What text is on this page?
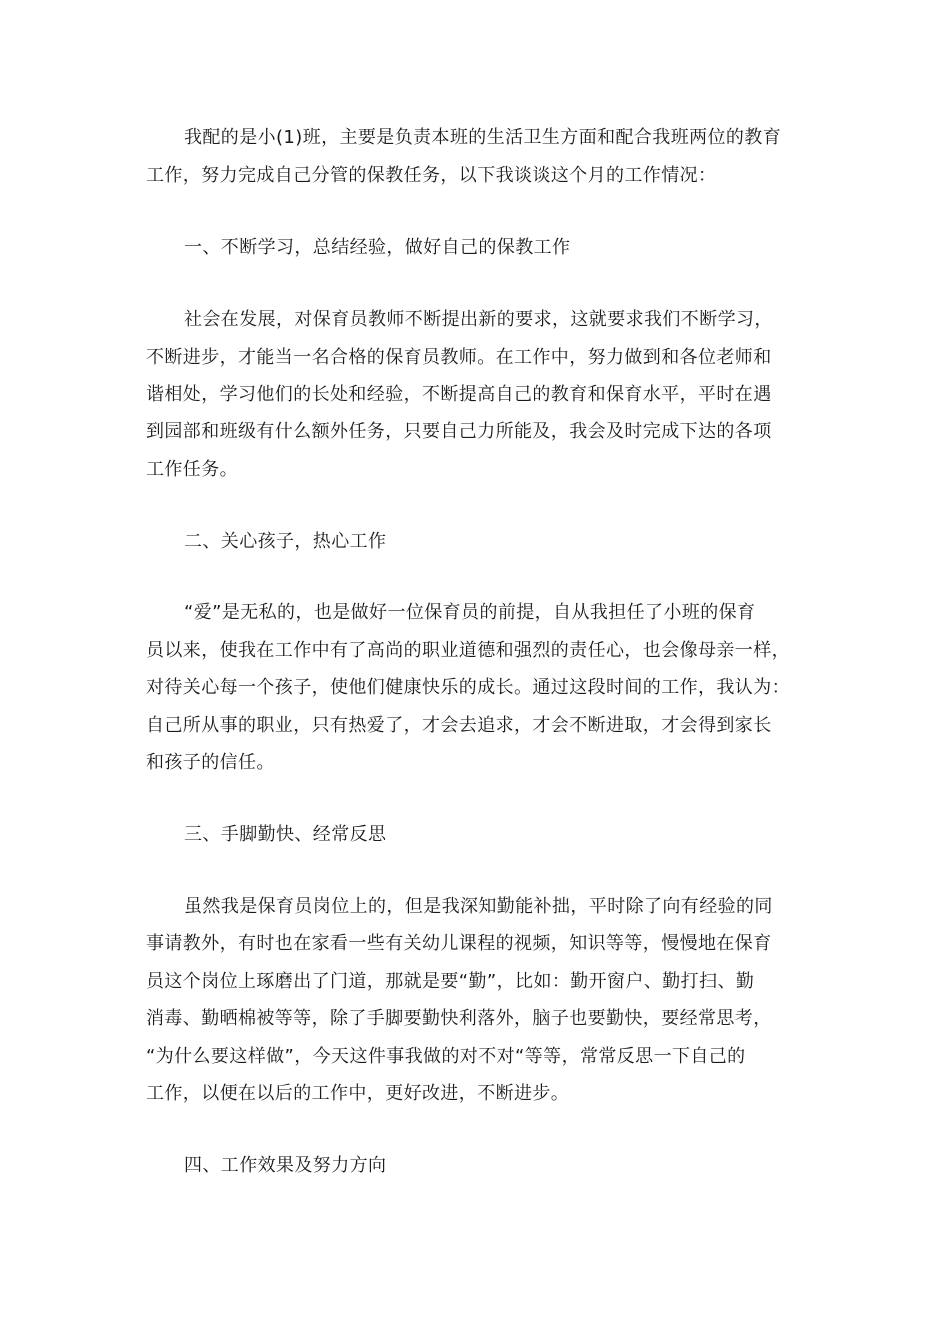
我配的是小(1)班，主要是负责本班的生活卫生方面和配合我班两位的教育
工作，努力完成自己分管的保教任务，以下我谈谈这个月的工作情况：
一、不断学习，总结经验，做好自己的保教工作
社会在发展，对保育员教师不断提出新的要求，这就要求我们不断学习，
不断进步，才能当一名合格的保育员教师。在工作中，努力做到和各位老师和
谐相处，学习他们的长处和经验，不断提高自己的教育和保育水平，平时在遇
到园部和班级有什么额外任务，只要自己力所能及，我会及时完成下达的各项
工作任务。
二、关心孩子，热心工作
“爱”是无私的，也是做好一位保育员的前提，自从我担任了小班的保育
员以来，使我在工作中有了高尚的职业道德和强烈的责任心，也会像母亲一样，
对待关心每一个孩子，使他们健康快乐的成长。通过这段时间的工作，我认为：
自己所从事的职业，只有热爱了，才会去追求，才会不断进取，才会得到家长
和孩子的信任。
三、手脚勤快、经常反思
虽然我是保育员岗位上的，但是我深知勤能补拙，平时除了向有经验的同
事请教外，有时也在家看一些有关幼儿课程的视频，知识等等，慢慢地在保育
员这个岗位上琢磨出了门道，那就是要“勤”，比如：勤开窗户、勤打扫、勤
消毒、勤晒棉被等等，除了手脚要勤快利落外，脑子也要勤快，要经常思考，
“为什么要这样做”，今天这件事我做的对不对“等等，常常反思一下自己的
工作，以便在以后的工作中，更好改进，不断进步。
四、工作效果及努力方向
